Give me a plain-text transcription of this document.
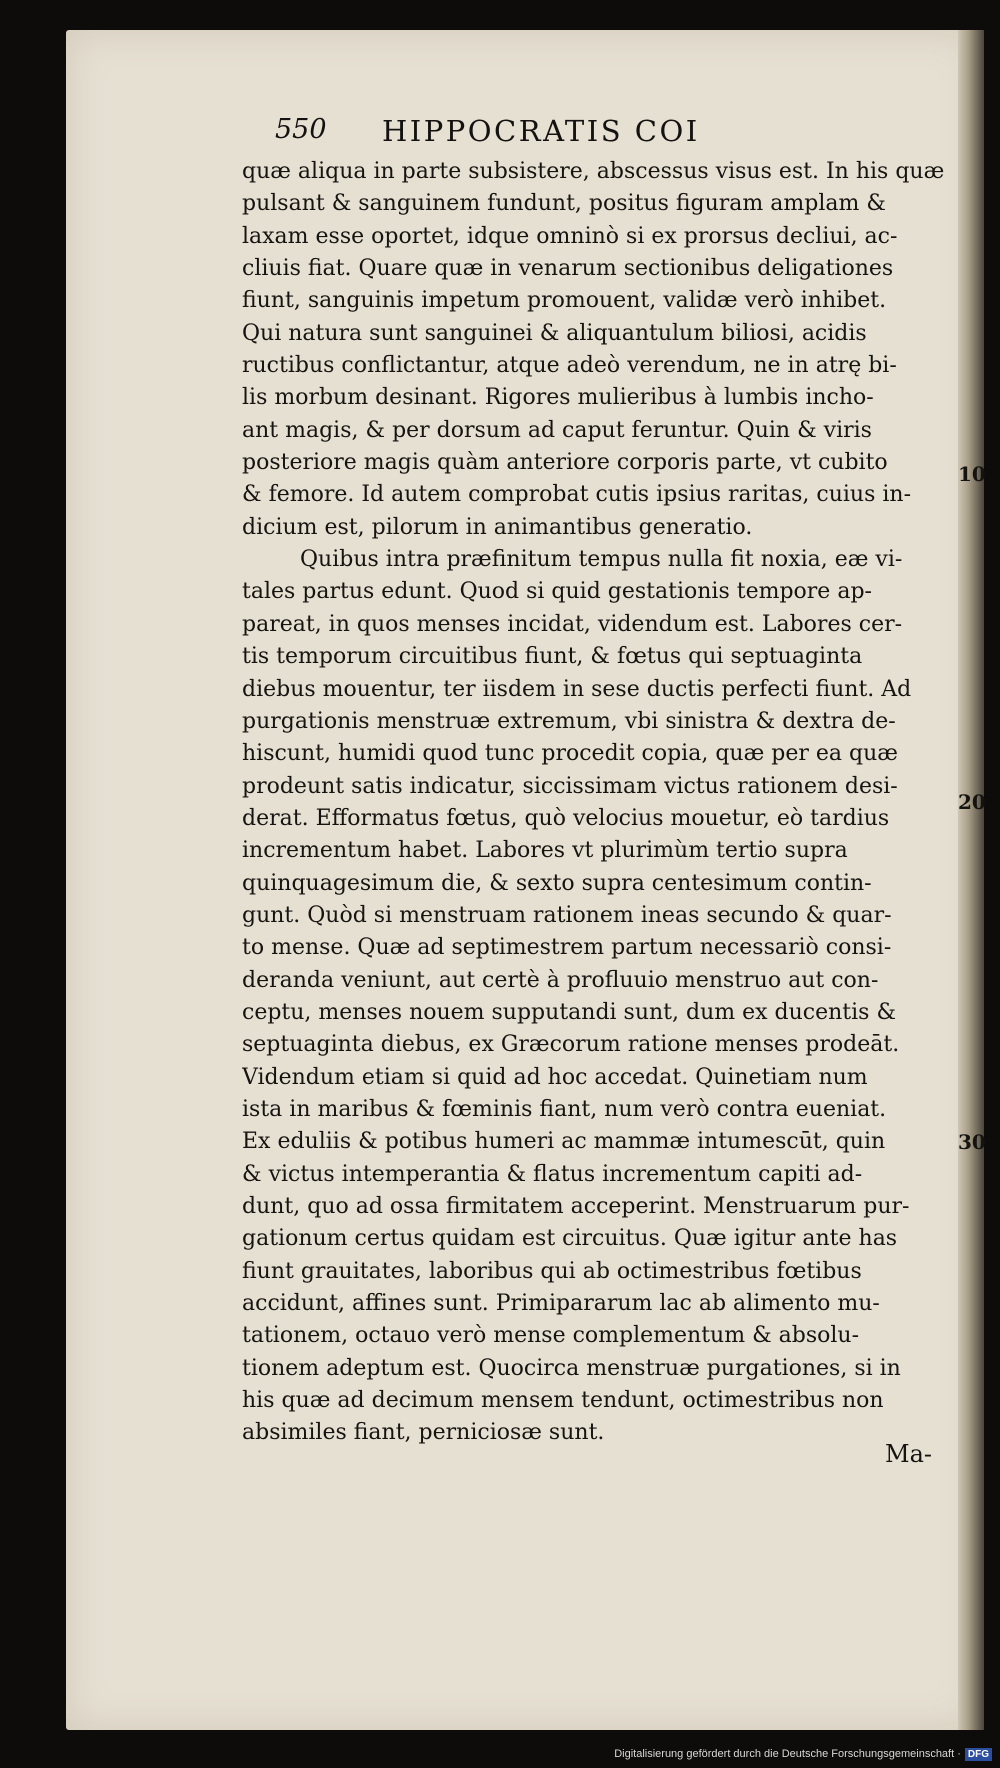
550 HIPPOCRATIS COI
quæ aliqua in parte subsistere, abscessus visus est. In his quæ
pulsant & sanguinem fundunt, positus figuram amplam &
laxam esse oportet, idque omninò si ex prorsus decliui, ac-
cliuis fiat. Quare quæ in venarum sectionibus deligationes
fiunt, sanguinis impetum promouent, validæ verò inhibet.
Qui natura sunt sanguinei & aliquantulum biliosi, acidis
ructibus conflictantur, atque adeò verendum, ne in atrę bi-
lis morbum desinant. Rigores mulieribus à lumbis incho-
ant magis, & per dorsum ad caput feruntur. Quin & viris
posteriore magis quàm anteriore corporis parte, vt cubito
& femore. Id autem comprobat cutis ipsius raritas, cuius in-
dicium est, pilorum in animantibus generatio.
Quibus intra præfinitum tempus nulla fit noxia, eæ vi-
tales partus edunt. Quod si quid gestationis tempore ap-
pareat, in quos menses incidat, videndum est. Labores cer-
tis temporum circuitibus fiunt, & fœtus qui septuaginta
diebus mouentur, ter iisdem in sese ductis perfecti fiunt. Ad
purgationis menstruæ extremum, vbi sinistra & dextra de-
hiscunt, humidi quod tunc procedit copia, quæ per ea quæ
prodeunt satis indicatur, siccissimam victus rationem desi-
derat. Efformatus fœtus, quò velocius mouetur, eò tardius
incrementum habet. Labores vt plurimùm tertio supra
quinquagesimum die, & sexto supra centesimum contin-
gunt. Quòd si menstruam rationem ineas secundo & quar-
to mense. Quæ ad septimestrem partum necessariò consi-
deranda veniunt, aut certè à profluuio menstruo aut con-
ceptu, menses nouem supputandi sunt, dum ex ducentis &
septuaginta diebus, ex Græcorum ratione menses prodeāt.
Videndum etiam si quid ad hoc accedat. Quinetiam num
ista in maribus & fœminis fiant, num verò contra eueniat.
Ex eduliis & potibus humeri ac mammæ intumescūt, quin
& victus intemperantia & flatus incrementum capiti ad-
dunt, quo ad ossa firmitatem acceperint. Menstruarum pur-
gationum certus quidam est circuitus. Quæ igitur ante has
fiunt grauitates, laboribus qui ab octimestribus fœtibus
accidunt, affines sunt. Primipararum lac ab alimento mu-
tationem, octauo verò mense complementum & absolu-
tionem adeptum est. Quocirca menstruæ purgationes, si in
his quæ ad decimum mensem tendunt, octimestribus non
absimiles fiant, perniciosæ sunt.
Ma-
10
20
30
Digitalisierung gefördert durch die Deutsche Forschungsgemeinschaft · DFG
